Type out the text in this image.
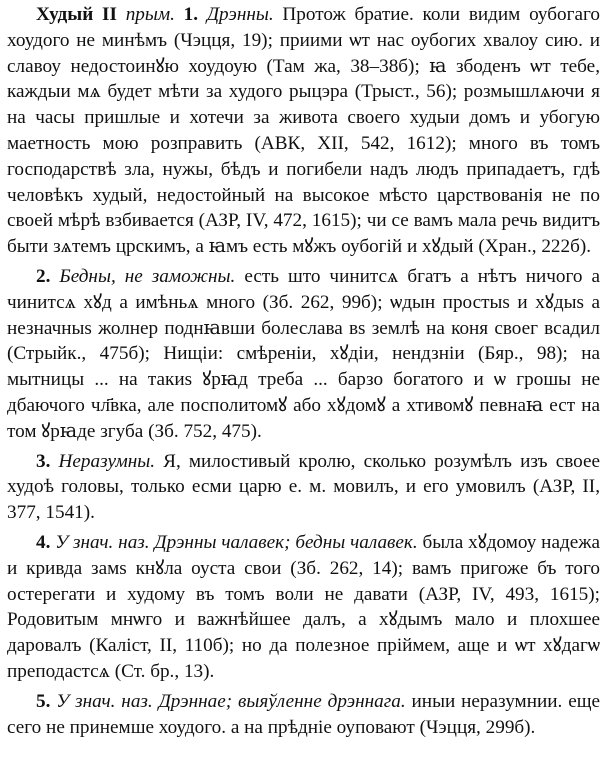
Худый II прым. 1. Дрэнны. Протож братие. коли видим оубогаго хоудого не минѣмъ (Чэцця, 19); приими ѡт нас оубогих хвалоу сию. и славоу недостоинꙋю хоудоую (Там жа, 38–38б); ꙗ збоденъ ѡт тебе, каждыи мѧ будет мѣти за худого рыцэра (Трыст., 56); розмышлѧючи я на часы пришлые и хотечи за живота своего худыи домъ и убогую маетность мою розправить (АВК, XII, 542, 1612); много въ томъ господарствѣ зла, нужы, бѣдъ и погибели надъ людъ припадаетъ, гдѣ человѣкъ худый, недостойный на высокое мѣсто царствованiя не по своей мѣрѣ взбивается (АЗР, IV, 472, 1615); чи се вамъ мала речь видитъ быти зѧтемъ црскимъ, а ꙗмъ есть мꙋжъ оубогій и хꙋдый (Хран., 222б).

2. Бедны, не заможны. есть што чинитсѧ бгатъ а нѣтъ ничого а чинитсѧ хꙋд а имѣньѧ много (Зб. 262, 99б); ѡдын простыs и хꙋдыs а незначныs жолнер поднꙗвши болеслава вs землѣ на коня своег всадил (Стрыйк., 475б); Нищiи: смѣренiи, хꙋдiи, нендзнiи (Бяр., 98); на мытницы ... на такиs ꙋрꙗд треба ... барзо богатого и ѡ грошы не дбаючого чл҃вка, але посполитомꙋ або хꙋдомꙋ а хтивомꙋ певнаꙗ ест на том ꙋрꙗде згуба (Зб. 752, 475).

3. Неразумны. Я, милостивый кролю, сколько розумѣлъ изъ своее худоѣ головы, только есми царю е. м. мовилъ, и его умовилъ (АЗР, II, 377, 1541).

4. У знач. наз. Дрэнны чалавек; бедны чалавек. была хꙋдомоу надежа и кривда замs кнꙋла оуста свои (Зб. 262, 14); вамъ пригоже бъ того остерегати и худому въ томъ воли не давати (АЗР, IV, 493, 1615); Родовитым мнѡго и важнѣйшее далъ, а хꙋдымъ мало и плохшее даровалъ (Каліст, II, 110б); но да полезное прiймем, аще и ѡт хꙋдагѡ преподастсѧ (Ст. бр., 13).

5. У знач. наз. Дрэннае; выяўленне дрэннага. иныи неразумнии. еще сего не принемше хоудого. а на прѣднiе оуповают (Чэцця, 299б).
